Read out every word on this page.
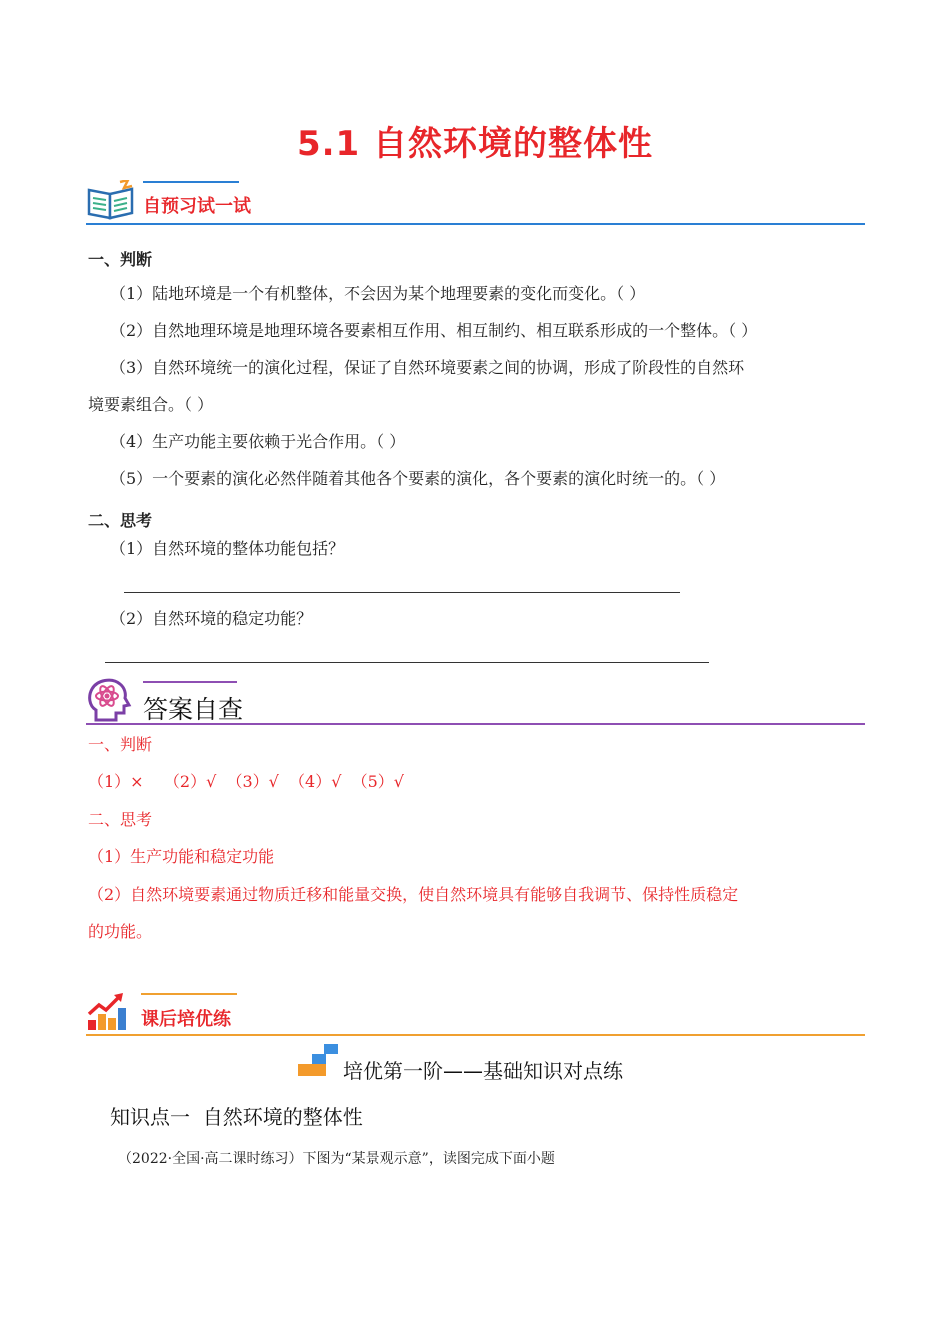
5.1 自然环境的整体性
自预习试一试
一、判断
（1）陆地环境是一个有机整体，不会因为某个地理要素的变化而变化。（ ）
（2）自然地理环境是地理环境各要素相互作用、相互制约、相互联系形成的一个整体。（ ）
（3）自然环境统一的演化过程，保证了自然环境要素之间的协调，形成了阶段性的自然环
境要素组合。（ ）
（4）生产功能主要依赖于光合作用。（ ）
（5）一个要素的演化必然伴随着其他各个要素的演化，各个要素的演化时统一的。（ ）
二、思考
（1）自然环境的整体功能包括？
（2）自然环境的稳定功能？
答案自查
一、判断
（1）×    （2）√  （3）√  （4）√  （5）√
二、思考
（1）生产功能和稳定功能
（2）自然环境要素通过物质迁移和能量交换，使自然环境具有能够自我调节、保持性质稳定
的功能。
课后培优练
培优第一阶——基础知识对点练
知识点一  自然环境的整体性
（2022·全国·高二课时练习）下图为“某景观示意”，读图完成下面小题
